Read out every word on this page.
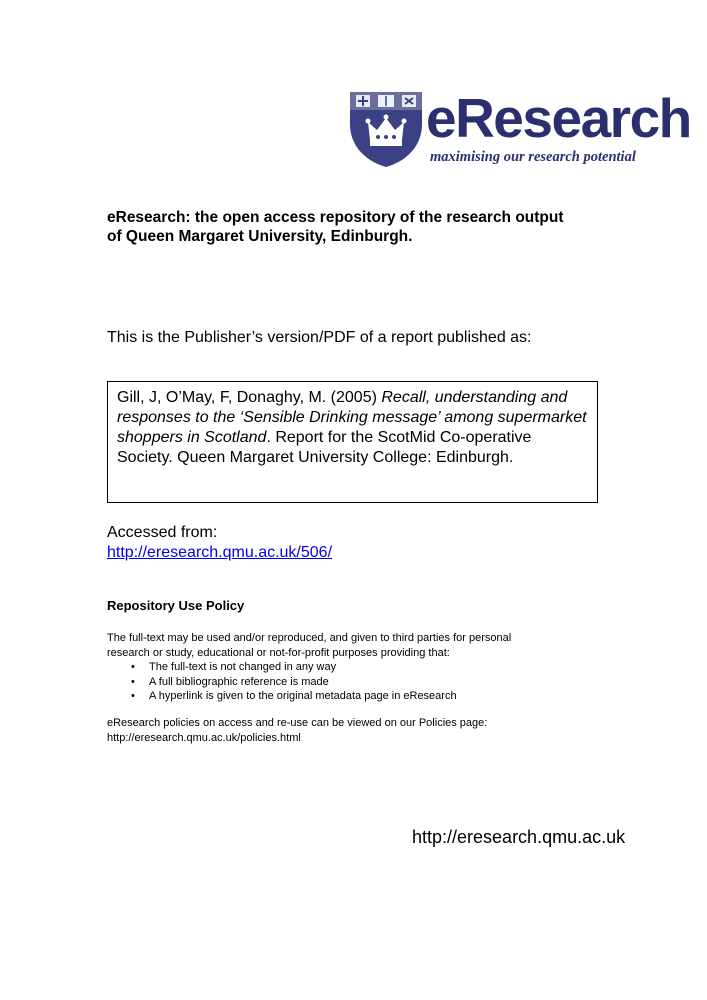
eResearch
maximising our research potential
eResearch: the open access repository of the research output
of Queen Margaret University, Edinburgh.

This is the Publisher’s version/PDF of a report published as:

Gill, J, O’May, F, Donaghy, M. (2005) Recall, understanding and responses to the ‘Sensible Drinking message’ among supermarket shoppers in Scotland. Report for the ScotMid Co-operative Society. Queen Margaret University College: Edinburgh.
Accessed from:
http://eresearch.qmu.ac.uk/506/
Repository Use Policy

The full-text may be used and/or reproduced, and given to third parties for personal

research or study, educational or not-for-profit purposes providing that:

• The full-text is not changed in any way
• A full bibliographic reference is made
• A hyperlink is given to the original metadata page in eResearch

eResearch policies on access and re-use can be viewed on our Policies page:

http://eresearch.qmu.ac.uk/policies.html

http://eresearch.qmu.ac.uk
